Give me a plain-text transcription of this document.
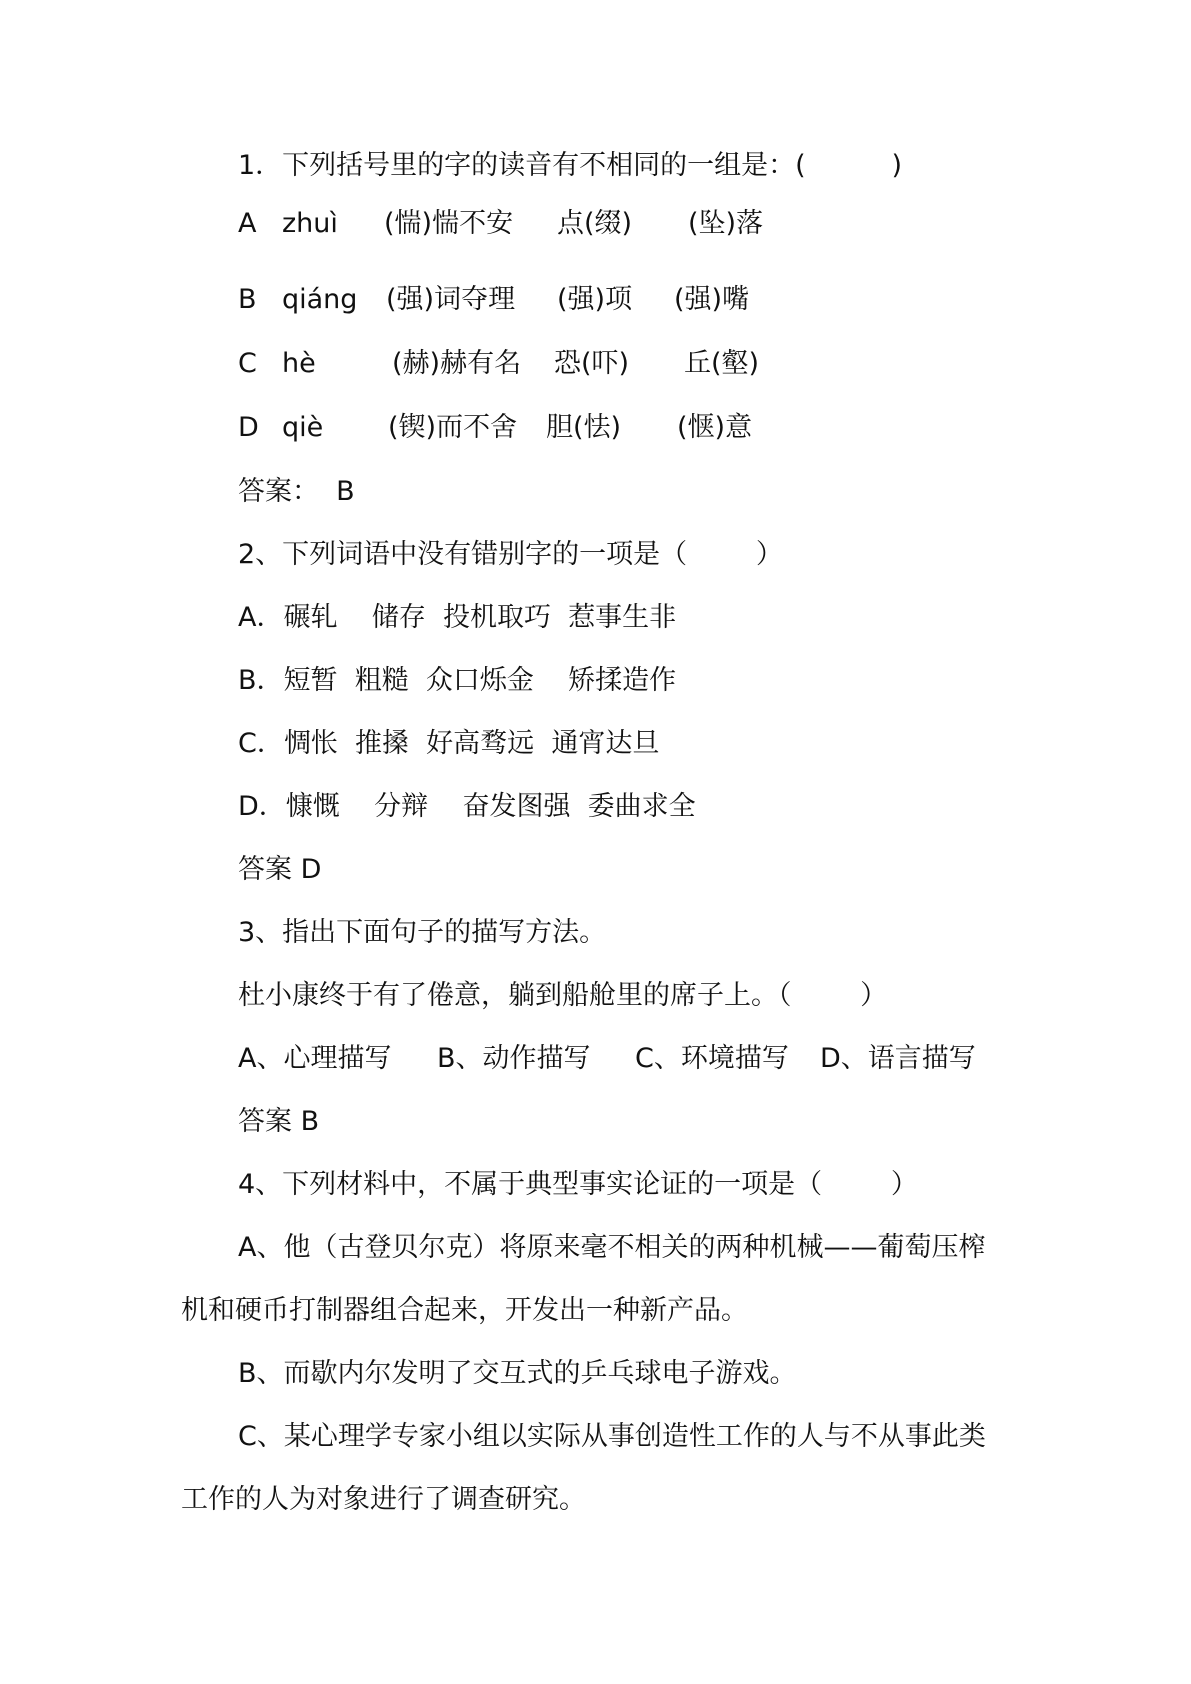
1．下列括号里的字的读音有不相同的一组是：(          )
A zhuì (惴)惴不安 点(缀) (坠)落
B qiáng (强)词夺理 (强)项 (强)嘴
C hè	(赫)赫有名 恐(吓) 丘(壑)
D qiè (锲)而不舍 胆(怯) (惬)意
答案：  B
2、下列词语中没有错别字的一项是（        ）
A．碾轧    储存  投机取巧  惹事生非
B．短暂  粗糙  众口烁金    矫揉造作
C．惆怅  推搡  好高骛远  通宵达旦
D．慷慨    分辩    奋发图强  委曲求全
答案 D
3、指出下面句子的描写方法。
杜小康终于有了倦意，躺到船舱里的席子上。（        ）
A、心理描写 B、动作描写 C、环境描写 D、语言描写
答案 B
4、下列材料中，不属于典型事实论证的一项是（        ）
A、他（古登贝尔克）将原来毫不相关的两种机械——葡萄压榨
机和硬币打制器组合起来，开发出一种新产品。
B、而歇内尔发明了交互式的乒乓球电子游戏。
C、某心理学专家小组以实际从事创造性工作的人与不从事此类
工作的人为对象进行了调查研究。
